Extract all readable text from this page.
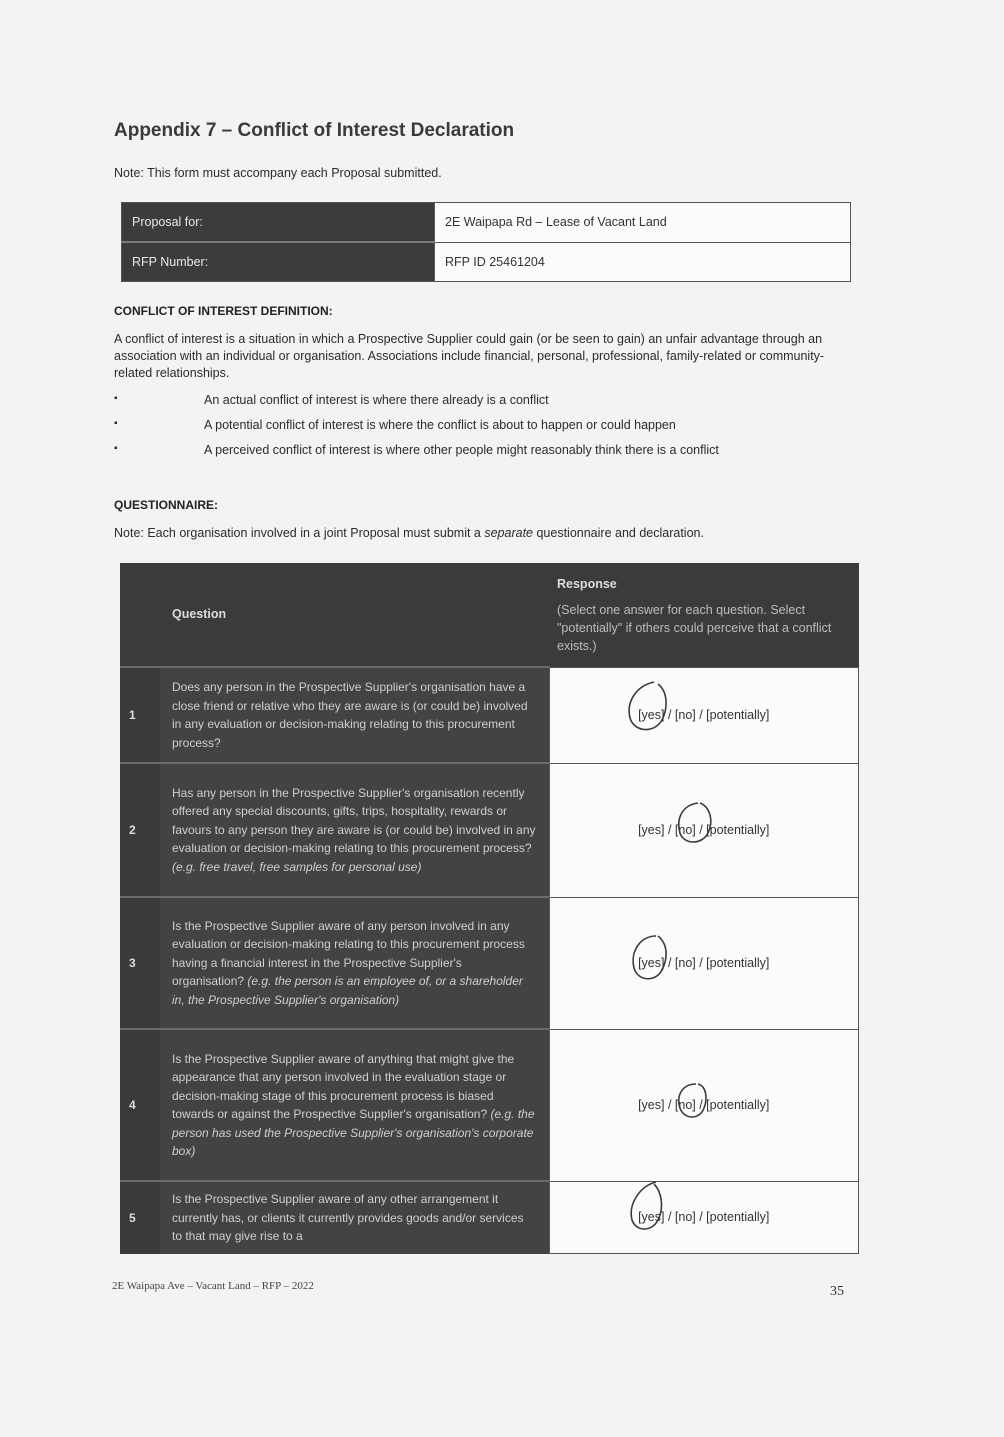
Appendix 7 – Conflict of Interest Declaration
Note: This form must accompany each Proposal submitted.
Proposal for:	2E Waipapa Rd – Lease of Vacant Land
RFP Number:	RFP ID 25461204
CONFLICT OF INTEREST DEFINITION:
A conflict of interest is a situation in which a Prospective Supplier could gain (or be seen to gain) an unfair advantage through an association with an individual or organisation. Associations include financial, personal, professional, family-related or community-related relationships.
▪	An actual conflict of interest is where there already is a conflict
▪	A potential conflict of interest is where the conflict is about to happen or could happen
▪	A perceived conflict of interest is where other people might reasonably think there is a conflict
QUESTIONNAIRE:
Note: Each organisation involved in a joint Proposal must submit a separate questionnaire and declaration.
	Question	Response
(Select one answer for each question. Select "potentially" if others could perceive that a conflict exists.)
1	Does any person in the Prospective Supplier's organisation have a close friend or relative who they are aware is (or could be) involved in any evaluation or decision-making relating to this procurement process?	[yes] / [no] / [potentially]

2	Has any person in the Prospective Supplier's organisation recently offered any special discounts, gifts, trips, hospitality, rewards or favours to any person they are aware is (or could be) involved in any evaluation or decision-making relating to this procurement process? (e.g. free travel, free samples for personal use)	[yes] / [no] / [potentially]

3	Is the Prospective Supplier aware of any person involved in any evaluation or decision-making relating to this procurement process having a financial interest in the Prospective Supplier's organisation? (e.g. the person is an employee of, or a shareholder in, the Prospective Supplier's organisation)	[yes] / [no] / [potentially]

4	Is the Prospective Supplier aware of anything that might give the appearance that any person involved in the evaluation stage or decision-making stage of this procurement process is biased towards or against the Prospective Supplier's organisation? (e.g. the person has used the Prospective Supplier's organisation's corporate box)	[yes] / [no] / [potentially]

5	Is the Prospective Supplier aware of any other arrangement it currently has, or clients it currently provides goods and/or services to that may give rise to a	[yes] / [no] / [potentially]
2E Waipapa Ave – Vacant Land – RFP – 2022	35
